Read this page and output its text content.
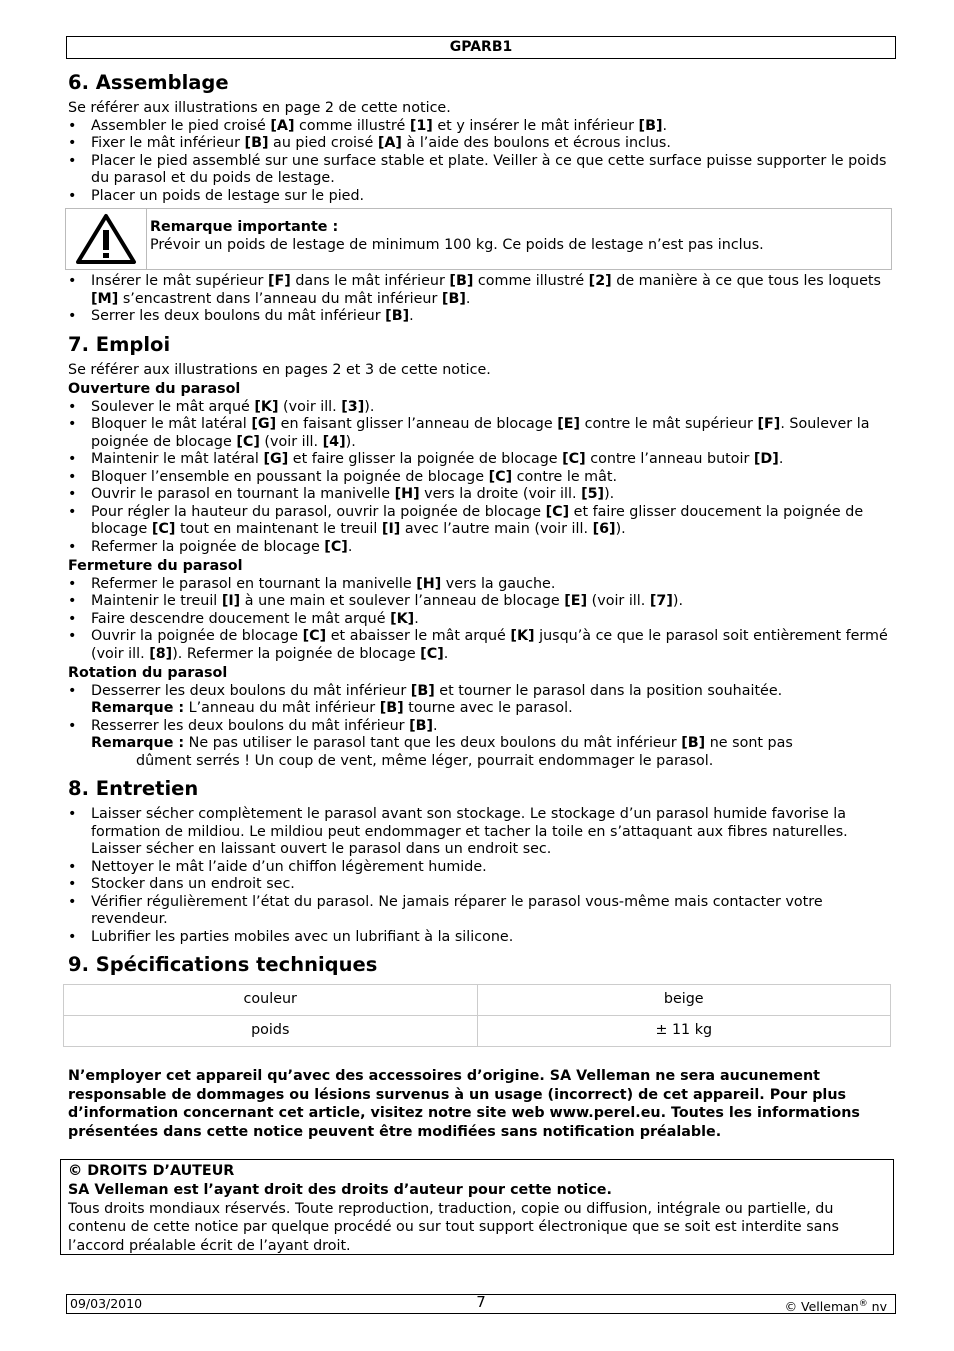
GPARB1
6. Assemblage

Se référer aux illustrations en page 2 de cette notice.

• Assembler le pied croisé [A] comme illustré [1] et y insérer le mât inférieur [B].
• Fixer le mât inférieur [B] au pied croisé [A] à l’aide des boulons et écrous inclus.
• Placer le pied assemblé sur une surface stable et plate. Veiller à ce que cette surface puisse supporter le poids du parasol et du poids de lestage.
• Placer un poids de lestage sur le pied.
Remarque importante :
Prévoir un poids de lestage de minimum 100 kg. Ce poids de lestage n’est pas inclus.
• Insérer le mât supérieur [F] dans le mât inférieur [B] comme illustré [2] de manière à ce que tous les loquets [M] s’encastrent dans l’anneau du mât inférieur [B].
• Serrer les deux boulons du mât inférieur [B].
7. Emploi

Se référer aux illustrations en pages 2 et 3 de cette notice.

Ouverture du parasol

• Soulever le mât arqué [K] (voir ill. [3]).
• Bloquer le mât latéral [G] en faisant glisser l’anneau de blocage [E] contre le mât supérieur [F]. Soulever la poignée de blocage [C] (voir ill. [4]).
• Maintenir le mât latéral [G] et faire glisser la poignée de blocage [C] contre l’anneau butoir [D].
• Bloquer l’ensemble en poussant la poignée de blocage [C] contre le mât.
• Ouvrir le parasol en tournant la manivelle [H] vers la droite (voir ill. [5]).
• Pour régler la hauteur du parasol, ouvrir la poignée de blocage [C] et faire glisser doucement la poignée de blocage [C] tout en maintenant le treuil [I] avec l’autre main (voir ill. [6]).
• Refermer la poignée de blocage [C].

Fermeture du parasol

• Refermer le parasol en tournant la manivelle [H] vers la gauche.
• Maintenir le treuil [I] à une main et soulever l’anneau de blocage [E] (voir ill. [7]).
• Faire descendre doucement le mât arqué [K].
• Ouvrir la poignée de blocage [C] et abaisser le mât arqué [K] jusqu’à ce que le parasol soit entièrement fermé (voir ill. [8]). Refermer la poignée de blocage [C].

Rotation du parasol

• Desserrer les deux boulons du mât inférieur [B] et tourner le parasol dans la position souhaitée.
Remarque : L’anneau du mât inférieur [B] tourne avec le parasol.
• Resserrer les deux boulons du mât inférieur [B].
Remarque : Ne pas utiliser le parasol tant que les deux boulons du mât inférieur [B] ne sont pas
dûment serrés ! Un coup de vent, même léger, pourrait endommager le parasol.
8. Entretien
• Laisser sécher complètement le parasol avant son stockage. Le stockage d’un parasol humide favorise la formation de mildiou. Le mildiou peut endommager et tacher la toile en s’attaquant aux fibres naturelles. Laisser sécher en laissant ouvert le parasol dans un endroit sec.
• Nettoyer le mât l’aide d’un chiffon légèrement humide.
• Stocker dans un endroit sec.
• Vérifier régulièrement l’état du parasol. Ne jamais réparer le parasol vous-même mais contacter votre revendeur.
• Lubrifier les parties mobiles avec un lubrifiant à la silicone.
9. Spécifications techniques
couleur	beige
poids	± 11 kg

N’employer cet appareil qu’avec des accessoires d’origine. SA Velleman ne sera aucunement responsable de dommages ou lésions survenus à un usage (incorrect) de cet appareil. Pour plus d’information concernant cet article, visitez notre site web www.perel.eu. Toutes les informations présentées dans cette notice peuvent être modifiées sans notification préalable.

© DROITS D’AUTEUR
SA Velleman est l’ayant droit des droits d’auteur pour cette notice.
Tous droits mondiaux réservés. Toute reproduction, traduction, copie ou diffusion, intégrale ou partielle, du contenu de cette notice par quelque procédé ou sur tout support électronique que se soit est interdite sans l’accord préalable écrit de l’ayant droit.
09/03/2010	7	© Velleman® nv
